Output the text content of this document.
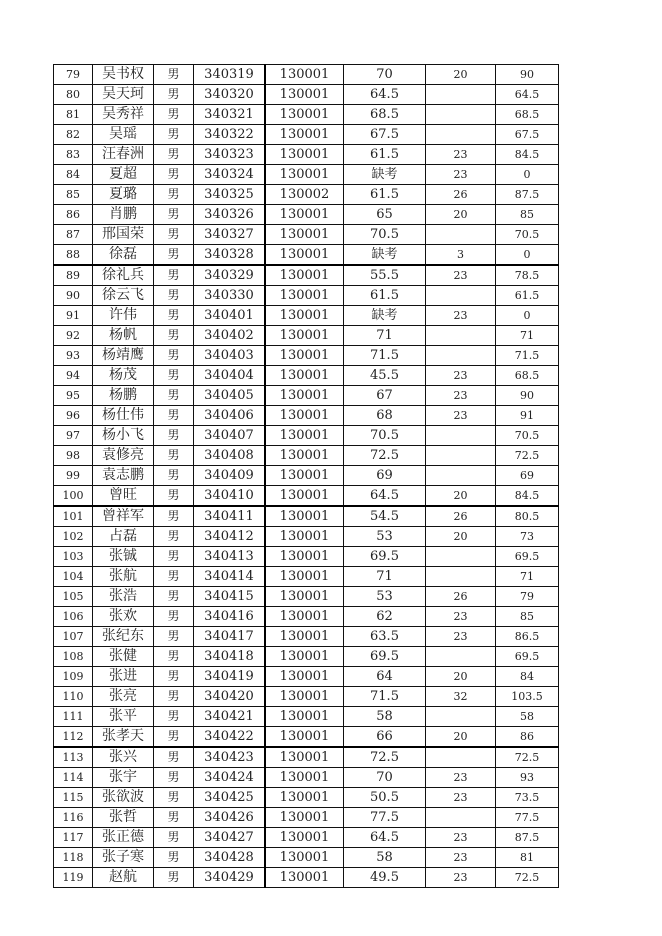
79	吴书权	男	340319	130001	70	20	90
80	吴天珂	男	340320	130001	64.5		64.5
81	吴秀祥	男	340321	130001	68.5		68.5
82	吴瑶	男	340322	130001	67.5		67.5
83	汪春洲	男	340323	130001	61.5	23	84.5
84	夏超	男	340324	130001	缺考	23	0
85	夏璐	男	340325	130002	61.5	26	87.5
86	肖鹏	男	340326	130001	65	20	85
87	邢国荣	男	340327	130001	70.5		70.5
88	徐磊	男	340328	130001	缺考	3	0
89	徐礼兵	男	340329	130001	55.5	23	78.5
90	徐云飞	男	340330	130001	61.5		61.5
91	许伟	男	340401	130001	缺考	23	0
92	杨帆	男	340402	130001	71		71
93	杨靖鹰	男	340403	130001	71.5		71.5
94	杨茂	男	340404	130001	45.5	23	68.5
95	杨鹏	男	340405	130001	67	23	90
96	杨仕伟	男	340406	130001	68	23	91
97	杨小飞	男	340407	130001	70.5		70.5
98	袁修亮	男	340408	130001	72.5		72.5
99	袁志鹏	男	340409	130001	69		69
100	曾旺	男	340410	130001	64.5	20	84.5
101	曾祥军	男	340411	130001	54.5	26	80.5
102	占磊	男	340412	130001	53	20	73
103	张铖	男	340413	130001	69.5		69.5
104	张航	男	340414	130001	71		71
105	张浩	男	340415	130001	53	26	79
106	张欢	男	340416	130001	62	23	85
107	张纪东	男	340417	130001	63.5	23	86.5
108	张健	男	340418	130001	69.5		69.5
109	张进	男	340419	130001	64	20	84
110	张亮	男	340420	130001	71.5	32	103.5
111	张平	男	340421	130001	58		58
112	张孝天	男	340422	130001	66	20	86
113	张兴	男	340423	130001	72.5		72.5
114	张宇	男	340424	130001	70	23	93
115	张欲波	男	340425	130001	50.5	23	73.5
116	张哲	男	340426	130001	77.5		77.5
117	张正德	男	340427	130001	64.5	23	87.5
118	张子寒	男	340428	130001	58	23	81
119	赵航	男	340429	130001	49.5	23	72.5
